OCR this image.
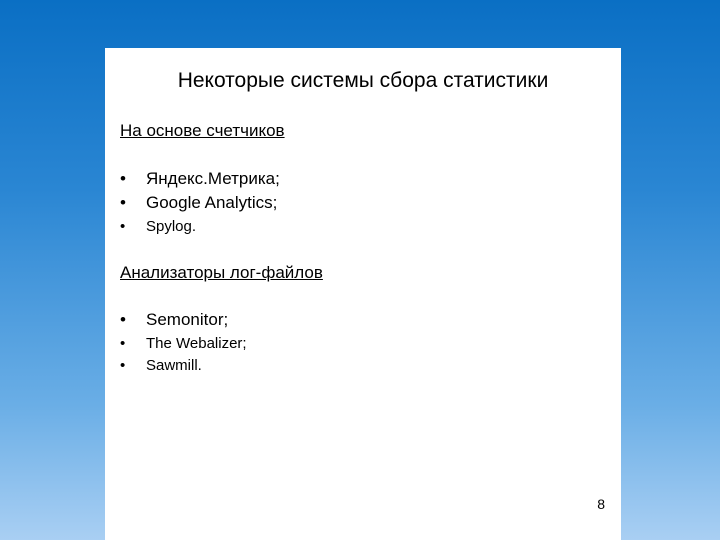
Некоторые системы сбора статистики
На основе счетчиков
• Яндекс.Метрика;
• Google Analytics;
• Spylog.
Анализаторы лог-файлов
• Semonitor;
• The Webalizer;
• Sawmill.
8
